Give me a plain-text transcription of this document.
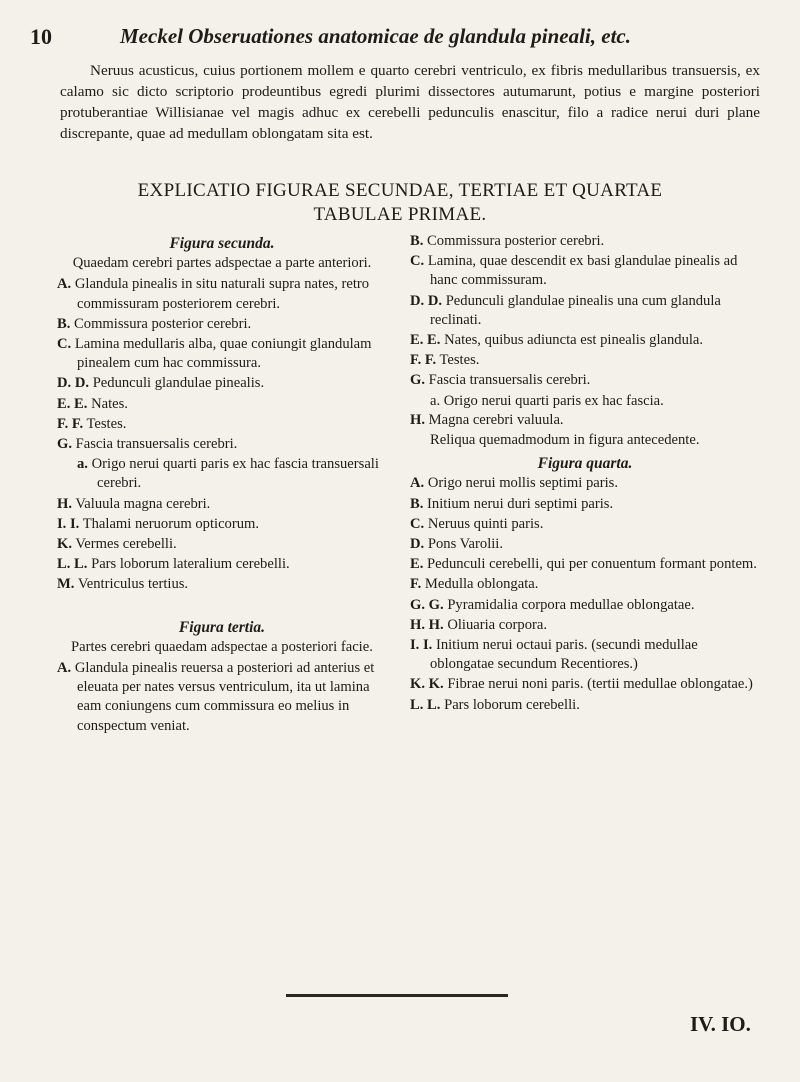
10	Meckel Obseruationes anatomicae de glandula pineali, etc.

Neruus acusticus, cuius portionem mollem e quarto cerebri ventriculo, ex fibris medullaribus transuersis, ex calamo sic dicto scriptorio prodeuntibus egredi plurimi dissectores autumarunt, potius e margine posteriori protuberantiae Willisianae vel magis adhuc ex cerebelli pedunculis enascitur, filo a radice nerui duri plane discrepante, quae ad medullam oblongatam sita est.

EXPLICATIO FIGURAE SECUNDAE, TERTIAE ET QUARTAE
TABULAE PRIMAE.
Figura secunda.
Quaedam cerebri partes adspectae a parte anteriori.
A. Glandula pinealis in situ naturali supra nates, retro commissuram posteriorem cerebri.
B. Commissura posterior cerebri.
C. Lamina medullaris alba, quae coniungit glandulam pinealem cum hac commissura.
D. D. Pedunculi glandulae pinealis.
E. E. Nates.
F. F. Testes.
G. Fascia transuersalis cerebri.
a. Origo nerui quarti paris ex hac fascia transuersali cerebri.
H. Valuula magna cerebri.
I. I. Thalami neruorum opticorum.
K. Vermes cerebelli.
L. L. Pars loborum lateralium cerebelli.
M. Ventriculus tertius.
Figura tertia.
Partes cerebri quaedam adspectae a posteriori facie.
A. Glandula pinealis reuersa a posteriori ad anterius et eleuata per nates versus ventriculum, ita ut lamina eam coniungens cum commissura eo melius in conspectum veniat.
B. Commissura posterior cerebri.
C. Lamina, quae descendit ex basi glandulae pinealis ad hanc commissuram.
D. D. Pedunculi glandulae pinealis una cum glandula reclinati.
E. E. Nates, quibus adiuncta est pinealis glandula.
F. F. Testes.
G. Fascia transuersalis cerebri.
a. Origo nerui quarti paris ex hac fascia.
H. Magna cerebri valuula.
Reliqua quemadmodum in figura antecedente.
Figura quarta.
A. Origo nerui mollis septimi paris.
B. Initium nerui duri septimi paris.
C. Neruus quinti paris.
D. Pons Varolii.
E. Pedunculi cerebelli, qui per conuentum formant pontem.
F. Medulla oblongata.
G. G. Pyramidalia corpora medullae oblongatae.
H. H. Oliuaria corpora.
I. I. Initium nerui octaui paris. (secundi medullae oblongatae secundum Recentiores.)
K. K. Fibrae nerui noni paris. (tertii medullae oblongatae.)
L. L. Pars loborum cerebelli.
IV. IO.
